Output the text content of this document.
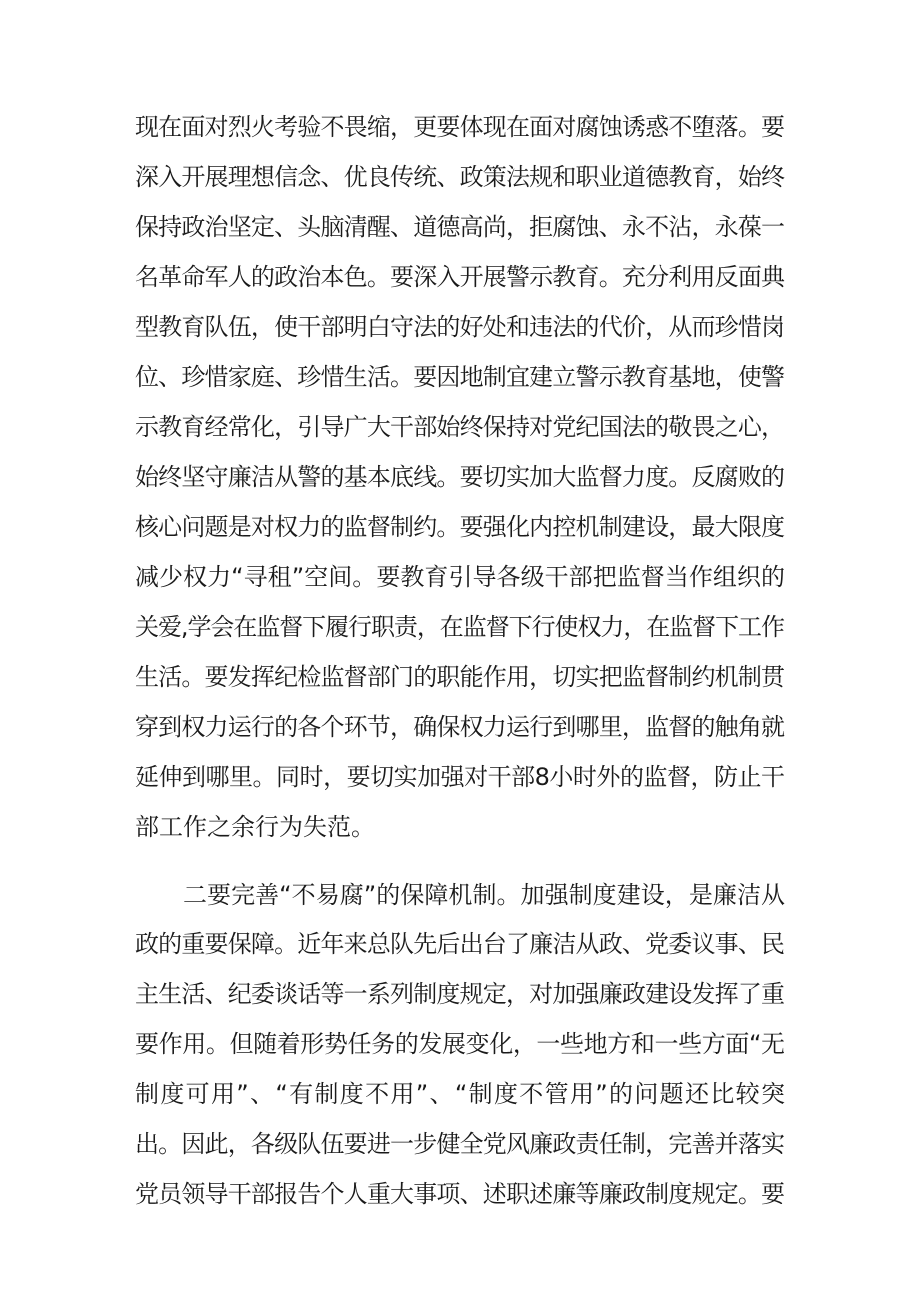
现在面对烈火考验不畏缩，更要体现在面对腐蚀诱惑不堕落。要
深入开展理想信念、优良传统、政策法规和职业道德教育，始终
保持政治坚定、头脑清醒、道德高尚，拒腐蚀、永不沾，永葆一
名革命军人的政治本色。要深入开展警示教育。充分利用反面典
型教育队伍，使干部明白守法的好处和违法的代价，从而珍惜岗
位、珍惜家庭、珍惜生活。要因地制宜建立警示教育基地，使警
示教育经常化，引导广大干部始终保持对党纪国法的敬畏之心，
始终坚守廉洁从警的基本底线。要切实加大监督力度。反腐败的
核心问题是对权力的监督制约。要强化内控机制建设，最大限度
减少权力“寻租”空间。要教育引导各级干部把监督当作组织的
关爱,学会在监督下履行职责，在监督下行使权力，在监督下工作
生活。要发挥纪检监督部门的职能作用，切实把监督制约机制贯
穿到权力运行的各个环节，确保权力运行到哪里，监督的触角就
延伸到哪里。同时，要切实加强对干部8小时外的监督，防止干
部工作之余行为失范。
二要完善“不易腐”的保障机制。加强制度建设，是廉洁从
政的重要保障。近年来总队先后出台了廉洁从政、党委议事、民
主生活、纪委谈话等一系列制度规定，对加强廉政建设发挥了重
要作用。但随着形势任务的发展变化，一些地方和一些方面“无
制度可用”、“有制度不用”、“制度不管用”的问题还比较突
出。因此，各级队伍要进一步健全党风廉政责任制，完善并落实
党员领导干部报告个人重大事项、述职述廉等廉政制度规定。要
